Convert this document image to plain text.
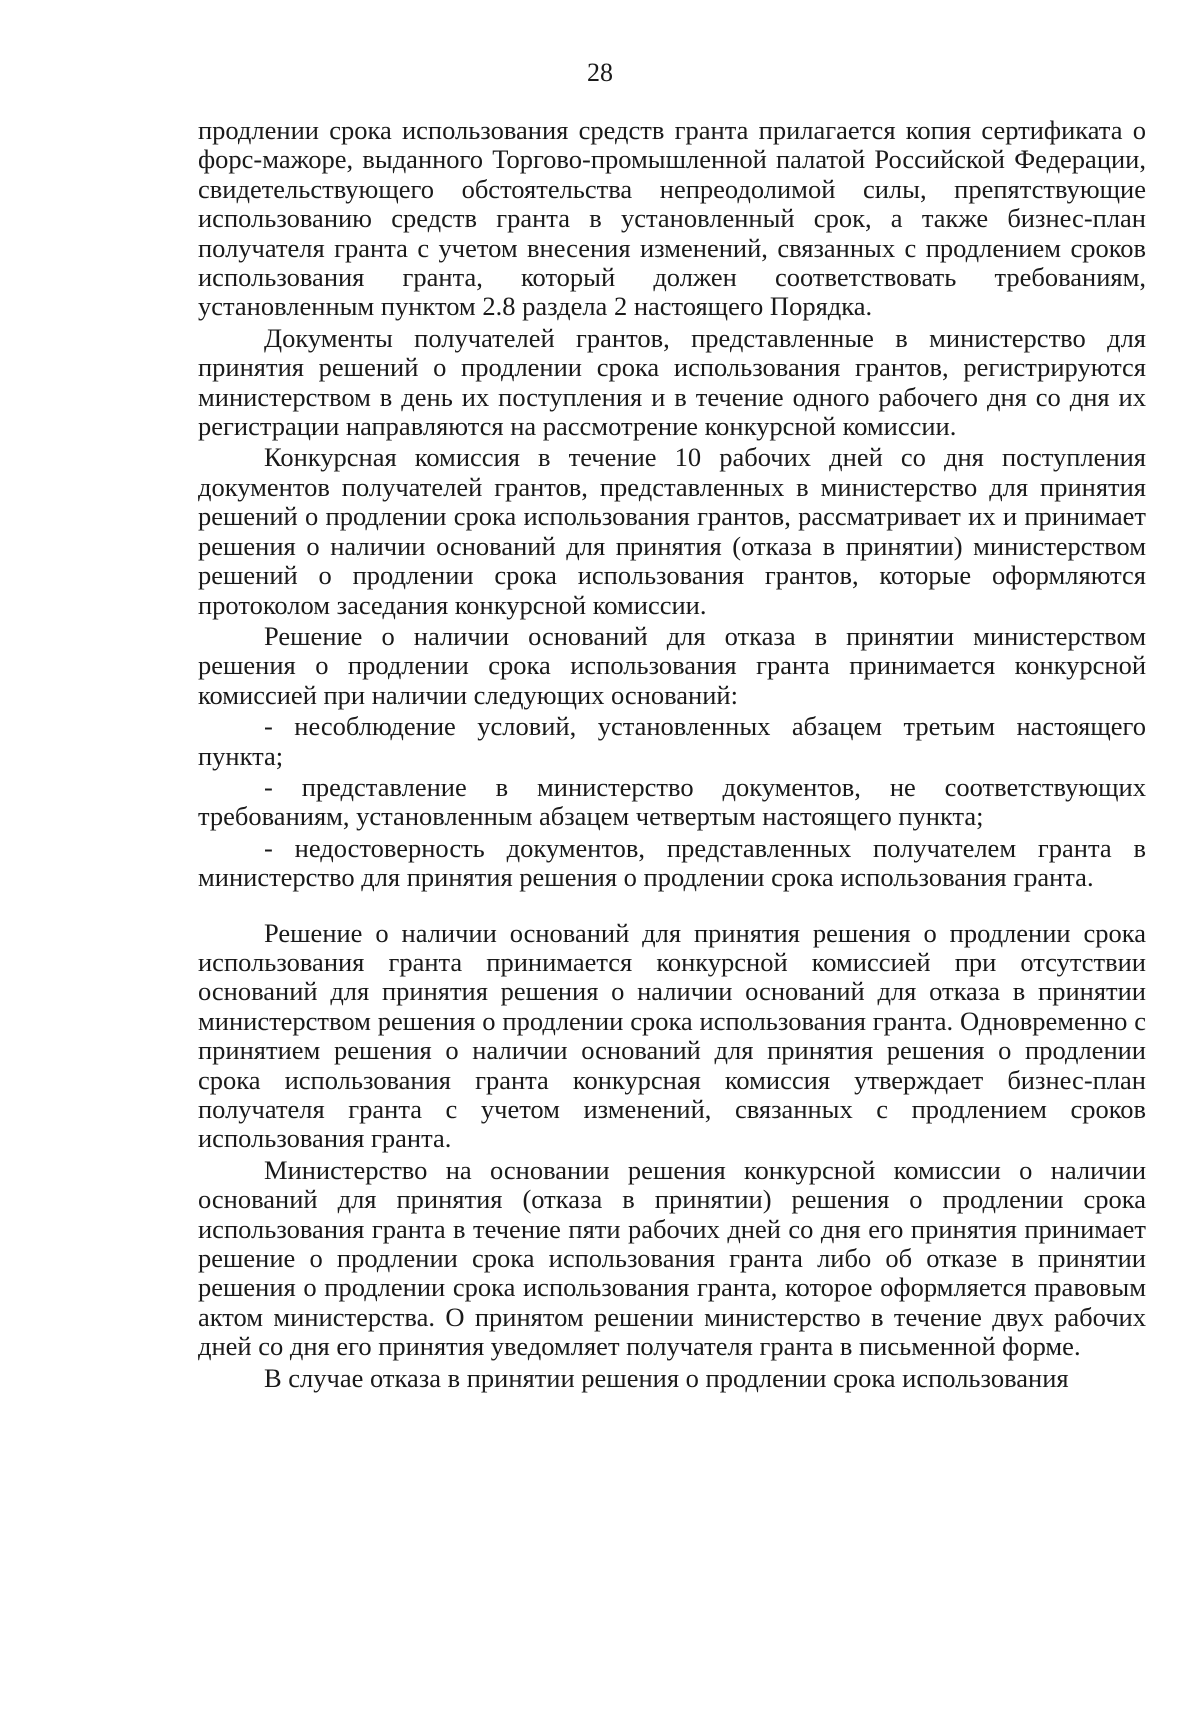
28

продлении срока использования средств гранта прилагается копия сертификата о форс-мажоре, выданного Торгово-промышленной палатой Российской Федерации, свидетельствующего обстоятельства непреодолимой силы, препятствующие использованию средств гранта в установленный срок, а также бизнес-план получателя гранта с учетом внесения изменений, связанных с продлением сроков использования гранта, который должен соответствовать требованиям, установленным пунктом 2.8 раздела 2 настоящего Порядка.

Документы получателей грантов, представленные в министерство для принятия решений о продлении срока использования грантов, регистрируются министерством в день их поступления и в течение одного рабочего дня со дня их регистрации направляются на рассмотрение конкурсной комиссии.

Конкурсная комиссия в течение 10 рабочих дней со дня поступления документов получателей грантов, представленных в министерство для принятия решений о продлении срока использования грантов, рассматривает их и принимает решения о наличии оснований для принятия (отказа в принятии) министерством решений о продлении срока использования грантов, которые оформляются протоколом заседания конкурсной комиссии.

Решение о наличии оснований для отказа в принятии министерством решения о продлении срока использования гранта принимается конкурсной комиссией при наличии следующих оснований:

- несоблюдение условий, установленных абзацем третьим настоящего пункта;

- представление в министерство документов, не соответствующих требованиям, установленным абзацем четвертым настоящего пункта;

- недостоверность документов, представленных получателем гранта в министерство для принятия решения о продлении срока использования гранта.

Решение о наличии оснований для принятия решения о продлении срока использования гранта принимается конкурсной комиссией при отсутствии оснований для принятия решения о наличии оснований для отказа в принятии министерством решения о продлении срока использования гранта. Одновременно с принятием решения о наличии оснований для принятия решения о продлении срока использования гранта конкурсная комиссия утверждает бизнес-план получателя гранта с учетом изменений, связанных с продлением сроков использования гранта.

Министерство на основании решения конкурсной комиссии о наличии оснований для принятия (отказа в принятии) решения о продлении срока использования гранта в течение пяти рабочих дней со дня его принятия принимает решение о продлении срока использования гранта либо об отказе в принятии решения о продлении срока использования гранта, которое оформляется правовым актом министерства. О принятом решении министерство в течение двух рабочих дней со дня его принятия уведомляет получателя гранта в письменной форме.

В случае отказа в принятии решения о продлении срока использования
